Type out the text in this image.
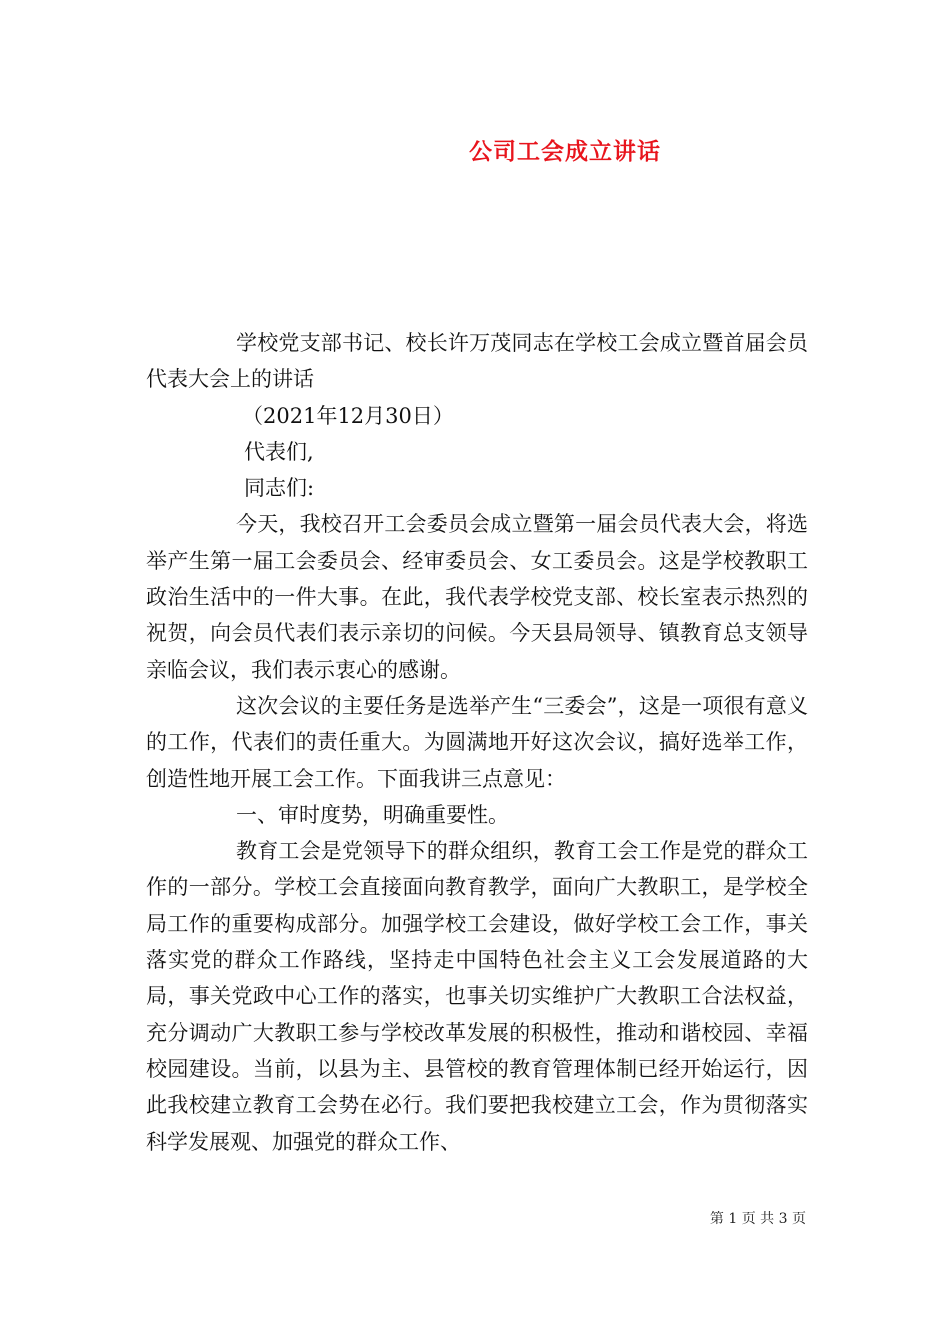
公司工会成立讲话

学校党支部书记、校长许万茂同志在学校工会成立暨首届会员代表大会上的讲话

（2021年12月30日）

代表们,

同志们:

今天，我校召开工会委员会成立暨第一届会员代表大会，将选举产生第一届工会委员会、经审委员会、女工委员会。这是学校教职工政治生活中的一件大事。在此，我代表学校党支部、校长室表示热烈的祝贺，向会员代表们表示亲切的问候。今天县局领导、镇教育总支领导亲临会议，我们表示衷心的感谢。

这次会议的主要任务是选举产生“三委会”，这是一项很有意义的工作，代表们的责任重大。为圆满地开好这次会议，搞好选举工作，创造性地开展工会工作。下面我讲三点意见：

一、审时度势，明确重要性。

教育工会是党领导下的群众组织，教育工会工作是党的群众工作的一部分。学校工会直接面向教育教学，面向广大教职工，是学校全局工作的重要构成部分。加强学校工会建设，做好学校工会工作，事关落实党的群众工作路线，坚持走中国特色社会主义工会发展道路的大局，事关党政中心工作的落实，也事关切实维护广大教职工合法权益，充分调动广大教职工参与学校改革发展的积极性，推动和谐校园、幸福校园建设。当前，以县为主、县管校的教育管理体制已经开始运行，因此我校建立教育工会势在必行。我们要把我校建立工会，作为贯彻落实科学发展观、加强党的群众工作、

第 1 页 共 3 页
